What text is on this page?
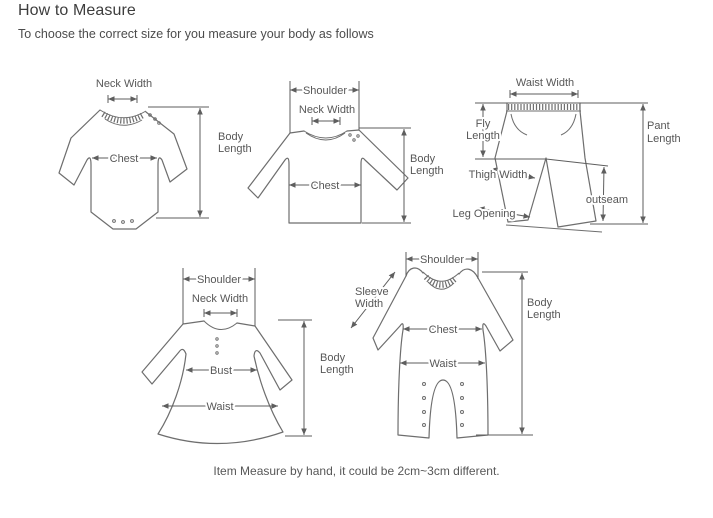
How to Measure
To choose the correct size for you measure your body as follows
Neck Width
Chest
Body
Length
Shoulder
Neck Width
Chest
Body
Length
Waist Width
Fly
Length
Thigh Width
Leg Opening
outseam
Pant
Length
Shoulder
Neck Width
Bust
Waist
Body
Length
Shoulder
Sleeve
Width
Chest
Waist
Body
Length
Item Measure by hand, it could be 2cm~3cm different.
